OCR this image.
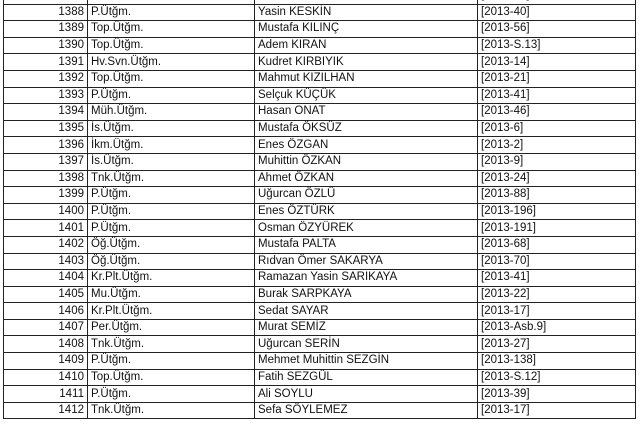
1388	P.Ütğm.	Yasin KESKİN	[2013-40]
1389	Top.Ütğm.	Mustafa KILINÇ	[2013-56]
1390	Top.Ütğm.	Adem KIRAN	[2013-S.13]
1391	Hv.Svn.Ütğm.	Kudret KIRBIYIK	[2013-14]
1392	Top.Ütğm.	Mahmut KIZILHAN	[2013-21]
1393	P.Ütğm.	Selçuk KÜÇÜK	[2013-41]
1394	Müh.Ütğm.	Hasan ONAT	[2013-46]
1395	İs.Ütğm.	Mustafa ÖKSÜZ	[2013-6]
1396	İkm.Ütğm.	Enes ÖZGAN	[2013-2]
1397	İs.Ütğm.	Muhittin ÖZKAN	[2013-9]
1398	Tnk.Ütğm.	Ahmet ÖZKAN	[2013-24]
1399	P.Ütğm.	Uğurcan ÖZLÜ	[2013-88]
1400	P.Ütğm.	Enes ÖZTÜRK	[2013-196]
1401	P.Ütğm.	Osman ÖZYÜREK	[2013-191]
1402	Öğ.Ütğm.	Mustafa PALTA	[2013-68]
1403	Öğ.Ütğm.	Rıdvan Ömer SAKARYA	[2013-70]
1404	Kr.Plt.Ütğm.	Ramazan Yasin SARIKAYA	[2013-41]
1405	Mu.Ütğm.	Burak SARPKAYA	[2013-22]
1406	Kr.Plt.Ütğm.	Sedat SAYAR	[2013-17]
1407	Per.Ütğm.	Murat SEMİZ	[2013-Asb.9]
1408	Tnk.Ütğm.	Uğurcan SERİN	[2013-27]
1409	P.Ütğm.	Mehmet Muhittin SEZGİN	[2013-138]
1410	Top.Ütğm.	Fatih SEZGÜL	[2013-S.12]
1411	P.Ütğm.	Ali SOYLU	[2013-39]
1412	Tnk.Ütğm.	Sefa SÖYLEMEZ	[2013-17]
